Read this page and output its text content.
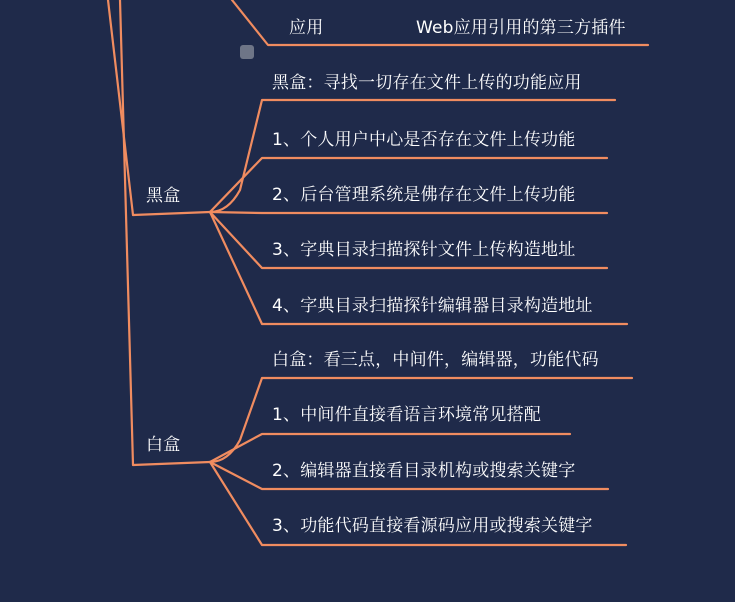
应用	Web应用引用的第三方插件
黑盒
黑盒：寻找一切存在文件上传的功能应用
1、个人用户中心是否存在文件上传功能
2、后台管理系统是佛存在文件上传功能
3、字典目录扫描探针文件上传构造地址
4、字典目录扫描探针编辑器目录构造地址
白盒
白盒：看三点，中间件，编辑器，功能代码
1、中间件直接看语言环境常见搭配
2、编辑器直接看目录机构或搜索关键字
3、功能代码直接看源码应用或搜索关键字
